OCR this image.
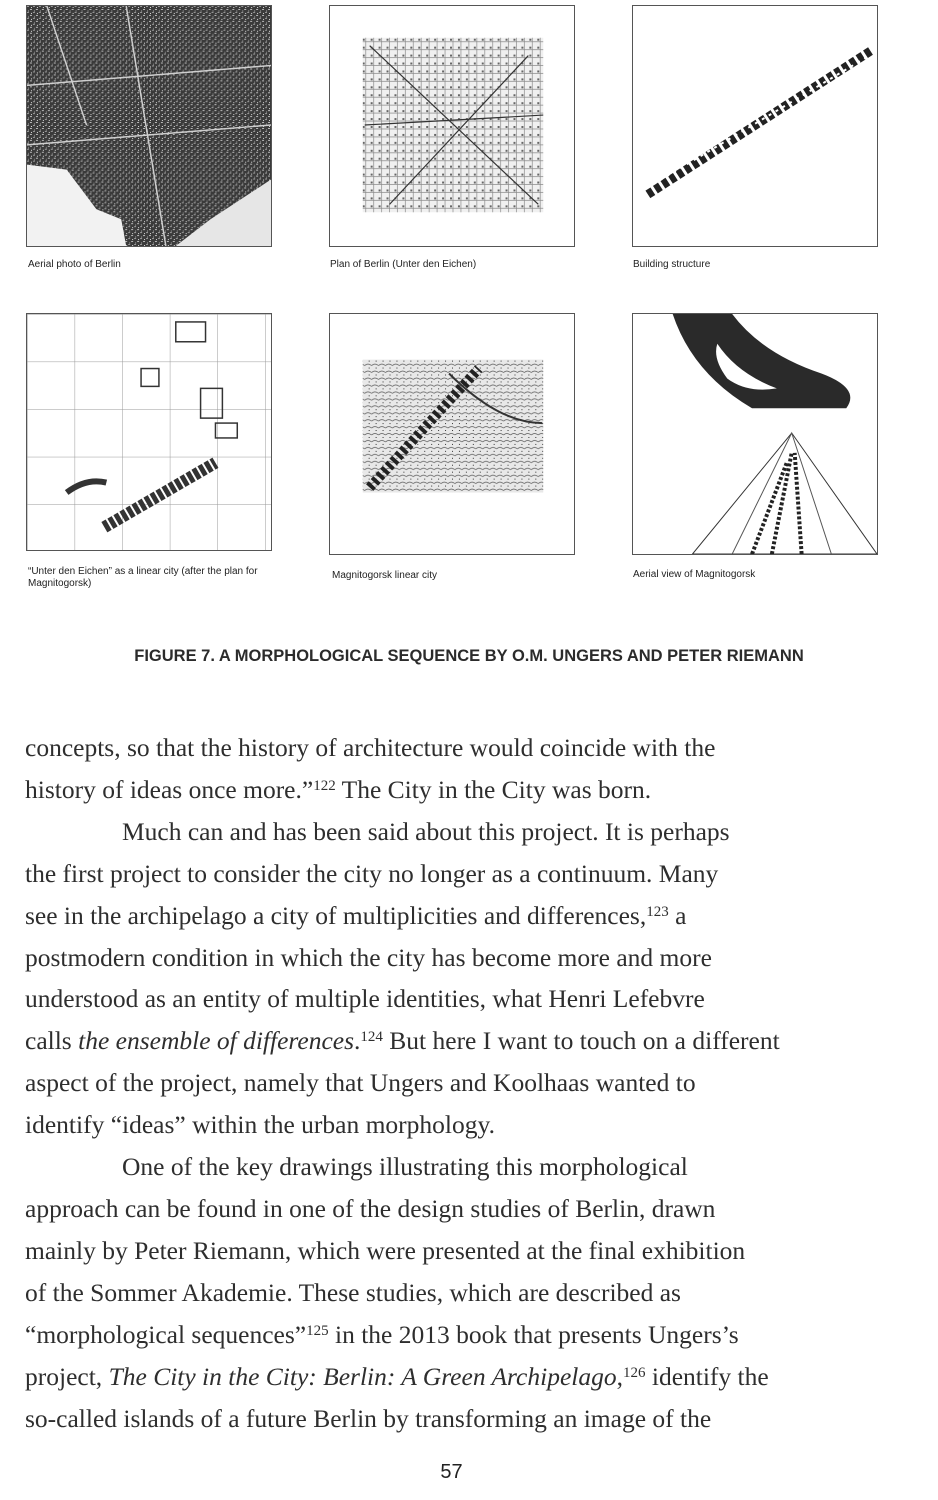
Aerial photo of Berlin	Plan of Berlin (Unter den Eichen)	Building structure
“Unter den Eichen” as a linear city (after the plan for Magnitogorsk)
Magnitogorsk linear city	Aerial view of Magnitogorsk
FIGURE 7. A MORPHOLOGICAL SEQUENCE BY O.M. UNGERS AND PETER RIEMANN

concepts, so that the history of architecture would coincide with the

history of ideas once more.”$^{122}$ The City in the City was born.

Much can and has been said about this project. It is perhaps

the first project to consider the city no longer as a continuum. Many

see in the archipelago a city of multiplicities and differences,$^{123}$ a

postmodern condition in which the city has become more and more

understood as an entity of multiple identities, what Henri Lefebvre

calls the ensemble of differences.$^{124}$ But here I want to touch on a different

aspect of the project, namely that Ungers and Koolhaas wanted to

identify “ideas” within the urban morphology.

One of the key drawings illustrating this morphological

approach can be found in one of the design studies of Berlin, drawn

mainly by Peter Riemann, which were presented at the final exhibition

of the Sommer Akademie. These studies, which are described as

“morphological sequences”$^{125}$ in the 2013 book that presents Ungers’s

project, The City in the City: Berlin: A Green Archipelago,$^{126}$ identify the

so-called islands of a future Berlin by transforming an image of the

57
